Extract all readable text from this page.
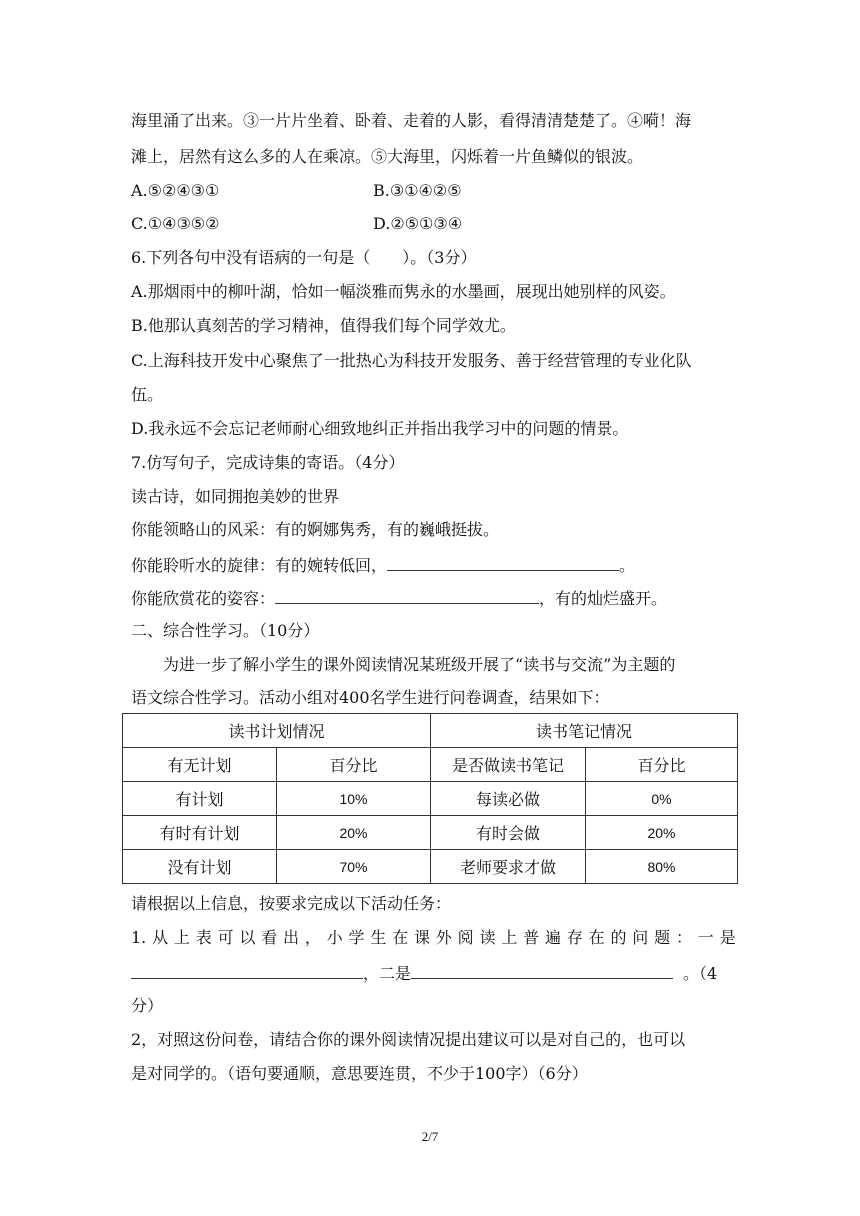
海里涌了出来。③一片片坐着、卧着、走着的人影，看得清清楚楚了。④嗬！海
滩上，居然有这么多的人在乘凉。⑤大海里，闪烁着一片鱼鳞似的银波。
A.⑤②④③①	B.③①④②⑤
C.①④③⑤②	D.②⑤①③④
6.下列各句中没有语病的一句是（　　）。（3分）
A.那烟雨中的柳叶湖，恰如一幅淡雅而隽永的水墨画，展现出她别样的风姿。
B.他那认真刻苦的学习精神，值得我们每个同学效尤。
C.上海科技开发中心聚焦了一批热心为科技开发服务、善于经营管理的专业化队
伍。
D.我永远不会忘记老师耐心细致地纠正并指出我学习中的问题的情景。
7.仿写句子，完成诗集的寄语。（4分）
读古诗，如同拥抱美妙的世界
你能领略山的风采：有的婀娜隽秀，有的巍峨挺拔。
你能聆听水的旋律：有的婉转低回，	。
你能欣赏花的姿容：	，有的灿烂盛开。
二、综合性学习。（10分）
为进一步了解小学生的课外阅读情况某班级开展了“读书与交流”为主题的
语文综合性学习。活动小组对400名学生进行问卷调查，结果如下：
读书计划情况		读书笔记情况	
有无计划	百分比	是否做读书笔记	百分比
有计划	10%	每读必做	0%
有时有计划	20%	有时会做	20%
没有计划	70%	老师要求才做	80%
请根据以上信息，按要求完成以下活动任务：
1. 从 上 表 可 以 看 出 ， 小 学 生 在 课 外 阅 读 上 普 遍 存 在 的 问 题 ： 一 是
，二是	。（4
分）
2，对照这份问卷，请结合你的课外阅读情况提出建议可以是对自己的，也可以
是对同学的。（语句要通顺，意思要连贯，不少于100字）（6分）
2/7
